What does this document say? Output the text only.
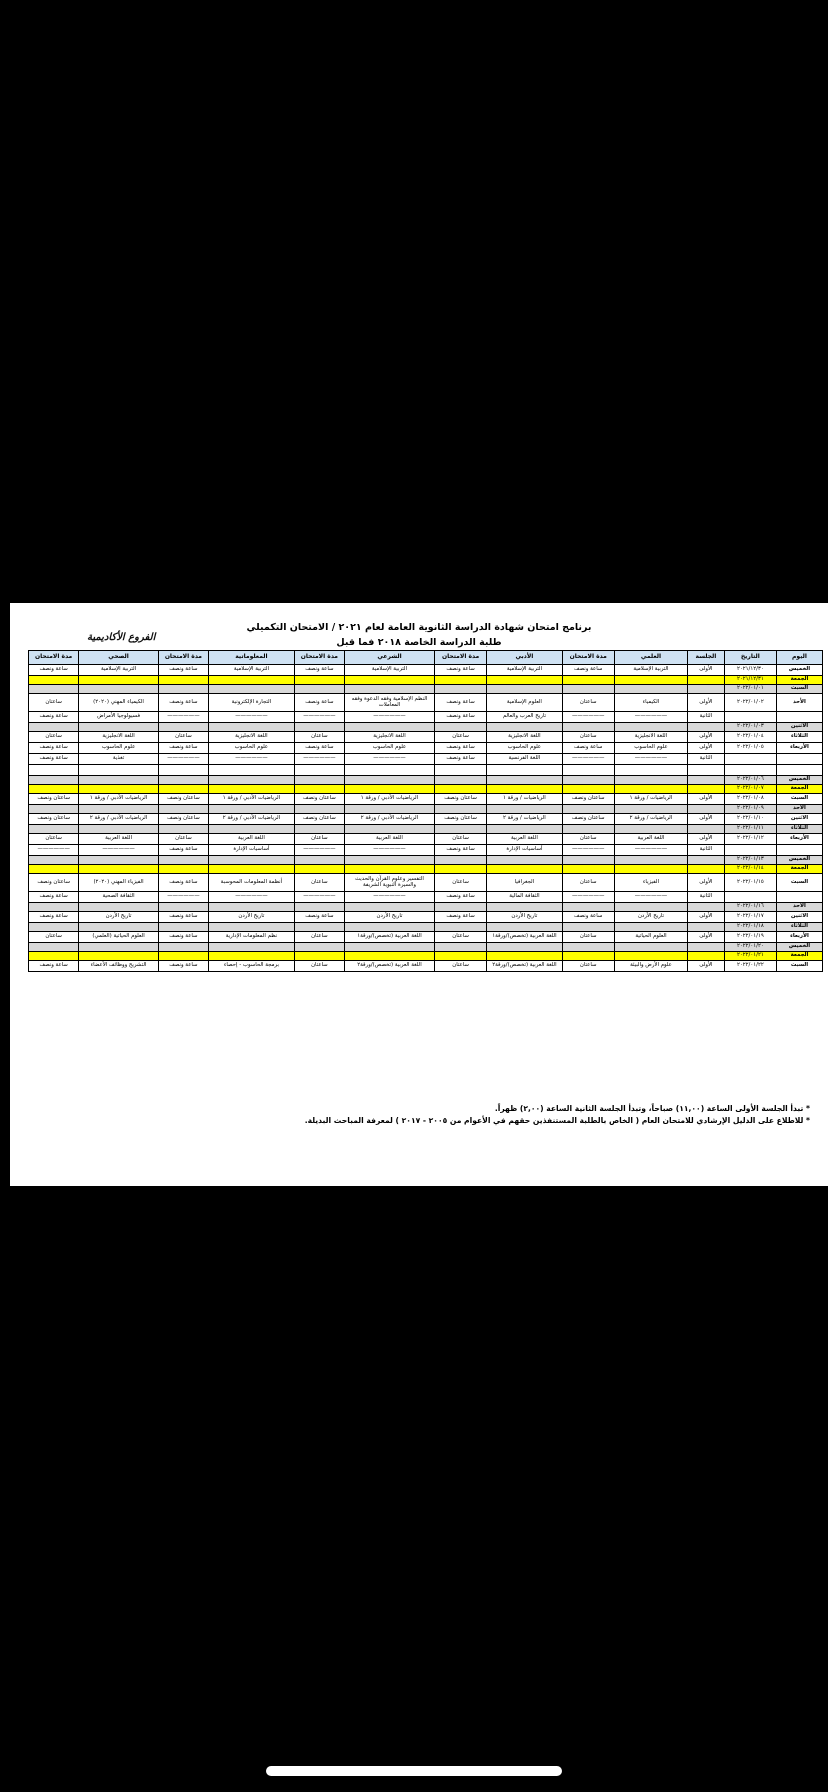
برنامج امتحان شهادة الدراسة الثانوية العامة لعام ٢٠٢١ / الامتحان التكميلي
طلبة الدراسة الخاصة ٢٠١٨ فما قبل
الفروع الأكاديمية
اليوم	التاريخ	الجلسة	العلمي	مدة الامتحان	الأدبي	مدة الامتحان	الشرعي	مدة الامتحان	المعلوماتية	مدة الامتحان	الصحي	مدة الامتحان
الخميس	٢٠٢١/١٢/٣٠	الأولى	التربية الإسلامية	ساعة ونصف	التربية الإسلامية	ساعة ونصف	التربية الإسلامية	ساعة ونصف	التربية الإسلامية	ساعة ونصف	التربية الإسلامية	ساعة ونصف
الجمعة	٢٠٢١/١٢/٣١											
السبت	٢٠٢٢/٠١/٠١											
الأحد	٢٠٢٢/٠١/٠٢	الأولى	الكيمياء	ساعتان	العلوم الإسلامية	ساعة ونصف	النظم الإسلامية وفقه الدعوة وفقه المعاملات	ساعة ونصف	التجارة الإلكترونية	ساعة ونصف	الكيمياء المهني (٢٠٢٠)	ساعتان
		الثانية	——————	——————	تاريخ العرب والعالم	ساعة ونصف	——————	——————	——————	——————	فسيولوجيا الأمراض	ساعة ونصف
الاثنين	٢٠٢٢/٠١/٠٣											
الثلاثاء	٢٠٢٢/٠١/٠٤	الأولى	اللغة الانجليزية	ساعتان	اللغة الانجليزية	ساعتان	اللغة الانجليزية	ساعتان	اللغة الانجليزية	ساعتان	اللغة الانجليزية	ساعتان
الأربعاء	٢٠٢٢/٠١/٠٥	الأولى	علوم الحاسوب	ساعة ونصف	علوم الحاسوب	ساعة ونصف	علوم الحاسوب	ساعة ونصف	علوم الحاسوب	ساعة ونصف	علوم الحاسوب	ساعة ونصف
		الثانية	——————	——————	اللغة الفرنسية	ساعة ونصف	——————	——————	——————	——————	تغذية	ساعة ونصف

الخميس	٢٠٢٢/٠١/٠٦											
الجمعة	٢٠٢٢/٠١/٠٧											
السبت	٢٠٢٢/٠١/٠٨	الأولى	الرياضيات / ورقة ١	ساعتان ونصف	الرياضيات / ورقة ١	ساعتان ونصف	الرياضيات الأدبي / ورقة ١	ساعتان ونصف	الرياضيات الأدبي / ورقة ١	ساعتان ونصف	الرياضيات الأدبي / ورقة ١	ساعتان ونصف
الأحد	٢٠٢٢/٠١/٠٩											
الاثنين	٢٠٢٢/٠١/١٠	الأولى	الرياضيات / ورقة ٢	ساعتان ونصف	الرياضيات / ورقة ٢	ساعتان ونصف	الرياضيات الأدبي / ورقة ٢	ساعتان ونصف	الرياضيات الأدبي / ورقة ٢	ساعتان ونصف	الرياضيات الأدبي / ورقة ٢	ساعتان ونصف
الثلاثاء	٢٠٢٢/٠١/١١											
الأربعاء	٢٠٢٢/٠١/١٢	الأولى	اللغة العربية	ساعتان	اللغة العربية	ساعتان	اللغة العربية	ساعتان	اللغة العربية	ساعتان	اللغة العربية	ساعتان
		الثانية	——————	——————	أساسيات الإدارة	ساعة ونصف	——————	——————	أساسيات الإدارة	ساعة ونصف	——————	——————
الخميس	٢٠٢٢/٠١/١٣											
الجمعة	٢٠٢٢/٠١/١٤											
السبت	٢٠٢٢/٠١/١٥	الأولى	الفيزياء	ساعتان	الجغرافيا	ساعتان	التفسير وعلوم القرآن والحديث والسيرة النبوية الشريفة	ساعتان	أنظمة المعلومات المحوسبة	ساعة ونصف	الفيزياء المهني (٢٠٢٠)	ساعتان ونصف
		الثانية	——————	——————	الثقافة المالية	ساعة ونصف	——————	——————	——————	——————	الثقافة الصحية	ساعة ونصف
الأحد	٢٠٢٢/٠١/١٦											
الاثنين	٢٠٢٢/٠١/١٧	الأولى	تاريخ الأردن	ساعة ونصف	تاريخ الأردن	ساعة ونصف	تاريخ الأردن	ساعة ونصف	تاريخ الأردن	ساعة ونصف	تاريخ الأردن	ساعة ونصف
الثلاثاء	٢٠٢٢/٠١/١٨											
الأربعاء	٢٠٢٢/٠١/١٩	الأولى	العلوم الحياتية	ساعتان	اللغة العربية (تخصص)/ورقة١	ساعتان	اللغة العربية (تخصص)/ورقة١	ساعتان	نظم المعلومات الإدارية	ساعة ونصف	العلوم الحياتية (العلمي)	ساعتان
الخميس	٢٠٢٢/٠١/٢٠											
الجمعة	٢٠٢٢/٠١/٢١											
السبت	٢٠٢٢/٠١/٢٢	الأولى	علوم الأرض والبيئة	ساعتان	اللغة العربية (تخصص)/ورقة٢	ساعتان	اللغة العربية (تخصص)/ورقة٢	ساعتان	برمجة الحاسوب - إحصاء	ساعة ونصف	التشريح ووظائف الأعضاء	ساعة ونصف
* تبدأ الجلسة الأولى الساعة (١١,٠٠) صباحاً، وتبدأ الجلسة الثانية الساعة (٢,٠٠) ظهراً.
* للاطلاع على الدليل الإرشادي للامتحان العام ( الخاص بالطلبة المستنفذين حقهم في الأعوام من ٢٠٠٥ - ٢٠١٧ ) لمعرفة المباحث البديلة.
